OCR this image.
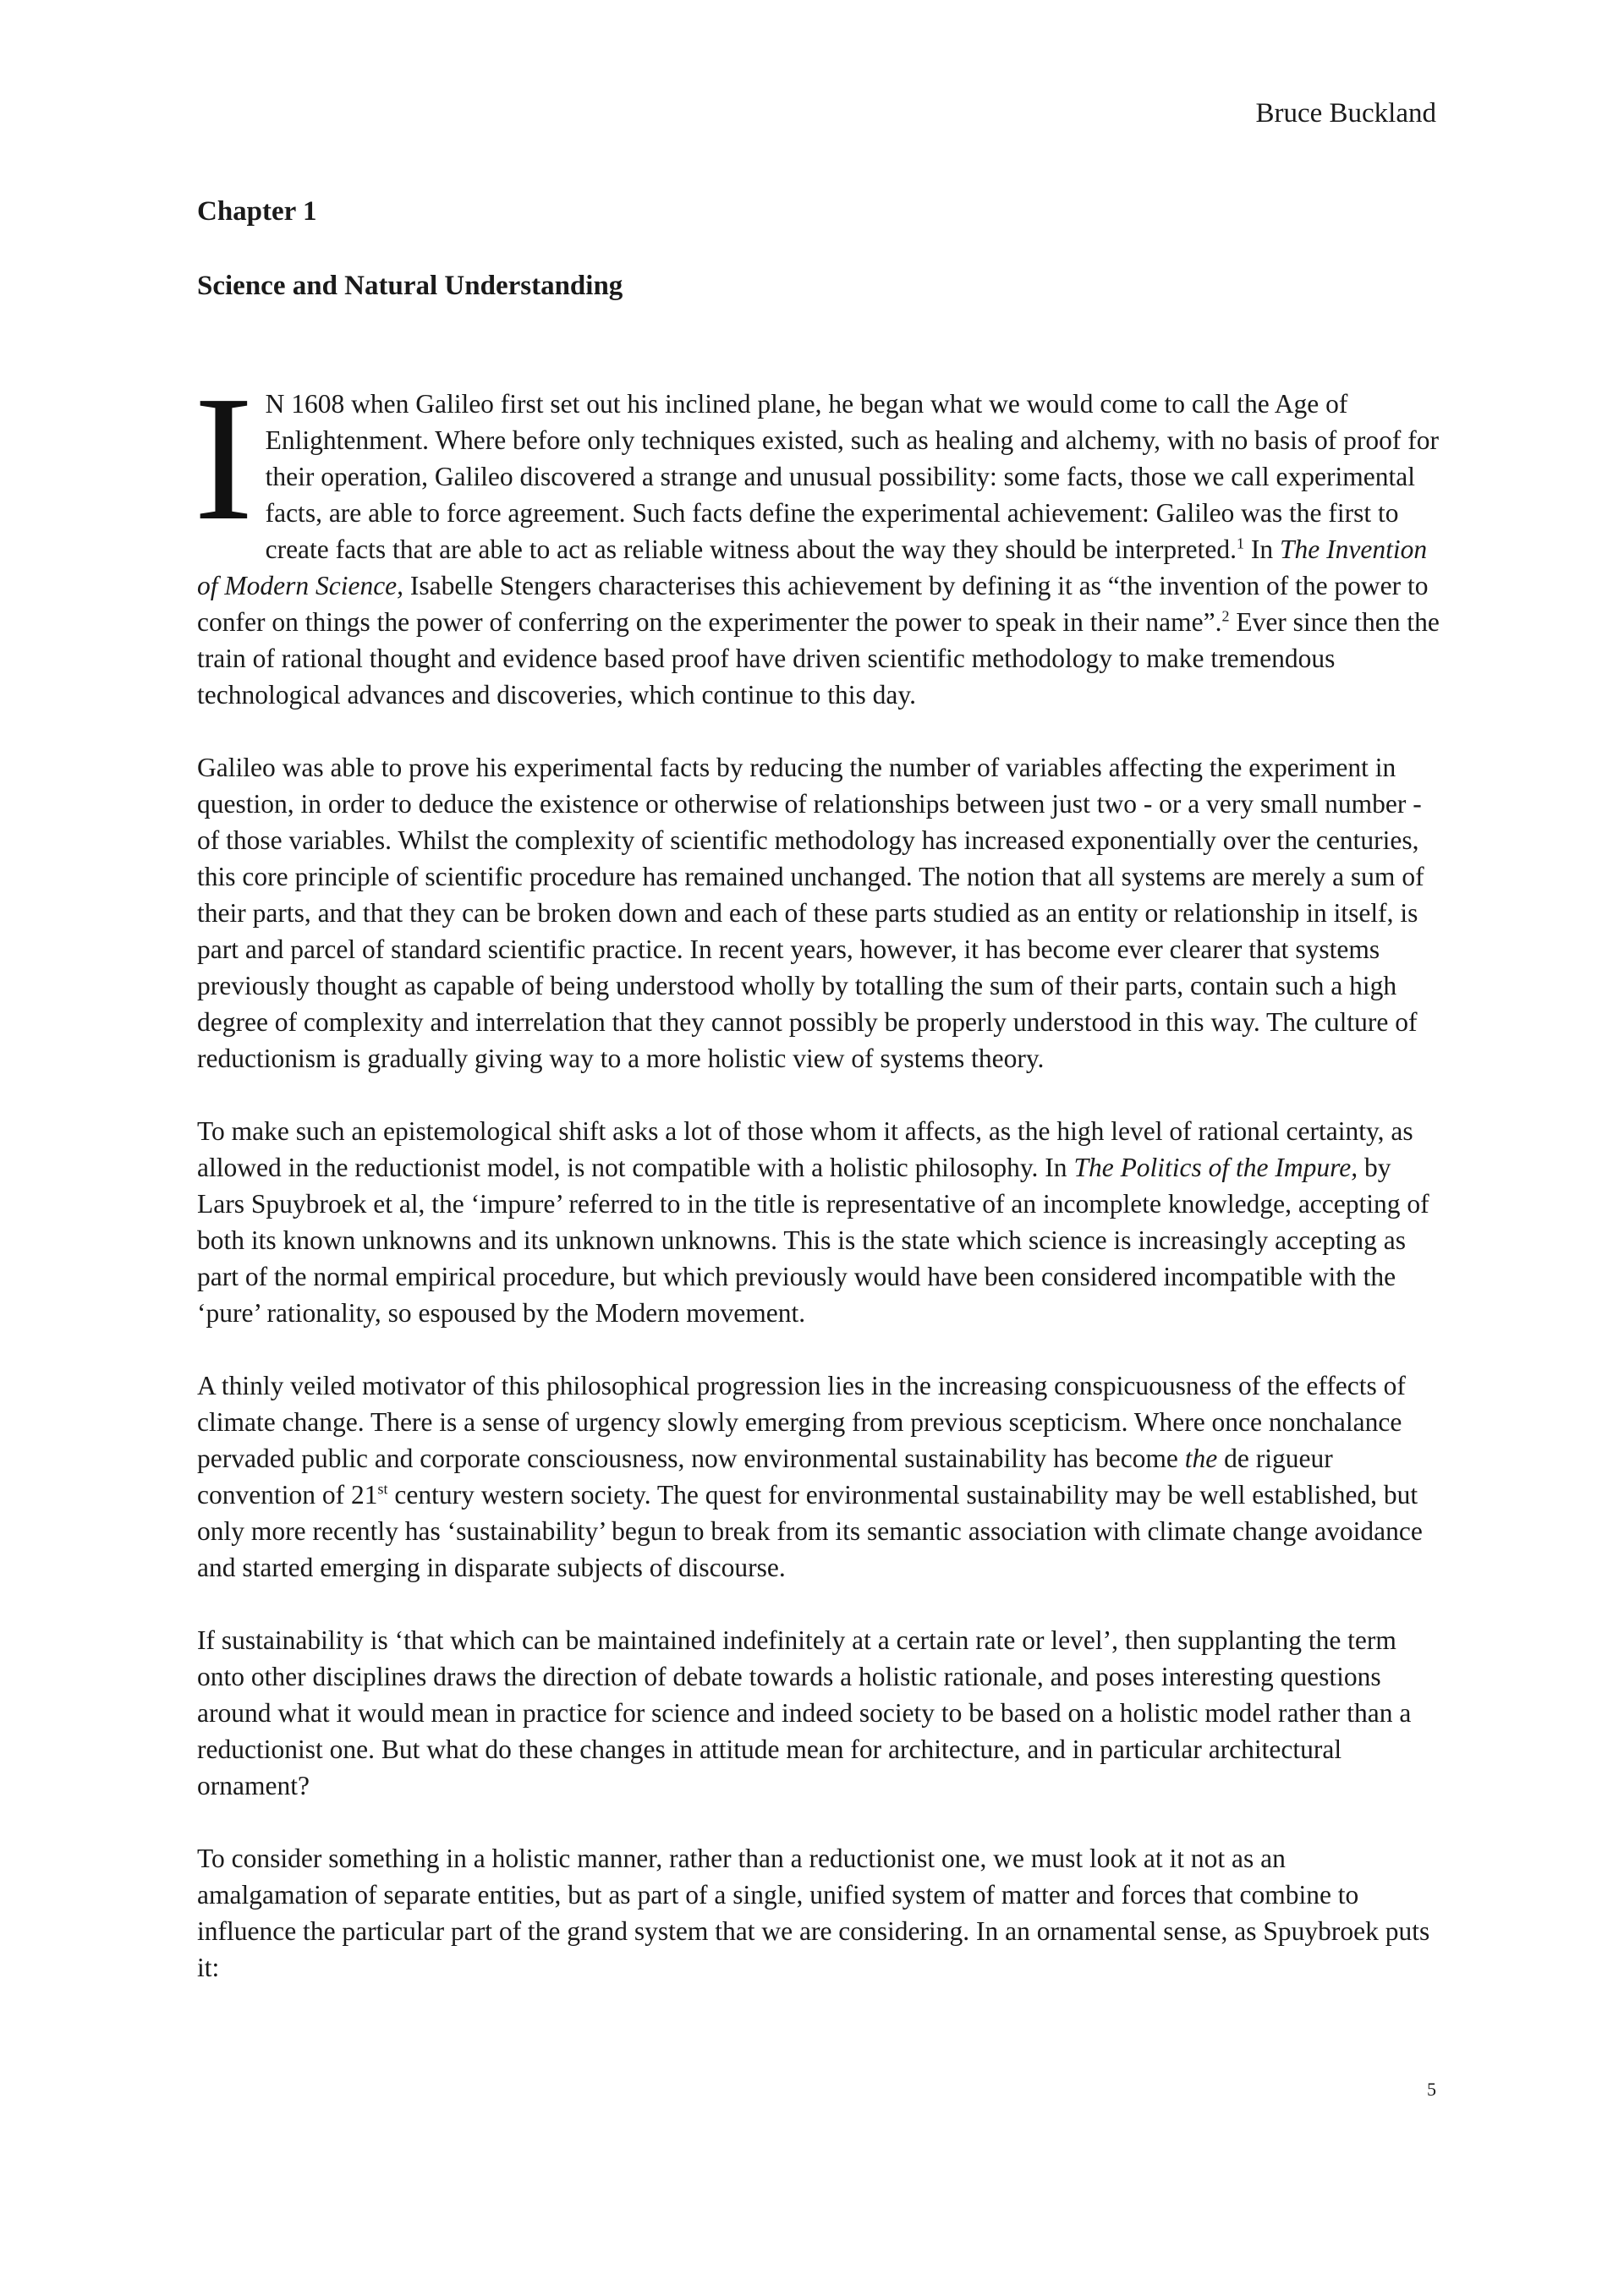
Bruce Buckland

Chapter 1

Science and Natural Understanding

I N 1608 when Galileo first set out his inclined plane, he began what we would come to call the Age of Enlightenment. Where before only techniques existed, such as healing and alchemy, with no basis of proof for their operation, Galileo discovered a strange and unusual possibility: some facts, those we call experimental facts, are able to force agreement. Such facts define the experimental achievement: Galileo was the first to create facts that are able to act as reliable witness about the way they should be interpreted.$^1$ In The Invention of Modern Science, Isabelle Stengers characterises this achievement by defining it as “the invention of the power to confer on things the power of conferring on the experimenter the power to speak in their name”.$^2$ Ever since then the train of rational thought and evidence based proof have driven scientific methodology to make tremendous technological advances and discoveries, which continue to this day.

Galileo was able to prove his experimental facts by reducing the number of variables affecting the experiment in question, in order to deduce the existence or otherwise of relationships between just two - or a very small number - of those variables. Whilst the complexity of scientific methodology has increased exponentially over the centuries, this core principle of scientific procedure has remained unchanged. The notion that all systems are merely a sum of their parts, and that they can be broken down and each of these parts studied as an entity or relationship in itself, is part and parcel of standard scientific practice. In recent years, however, it has become ever clearer that systems previously thought as capable of being understood wholly by totalling the sum of their parts, contain such a high degree of complexity and interrelation that they cannot possibly be properly understood in this way. The culture of reductionism is gradually giving way to a more holistic view of systems theory.

To make such an epistemological shift asks a lot of those whom it affects, as the high level of rational certainty, as allowed in the reductionist model, is not compatible with a holistic philosophy. In The Politics of the Impure, by Lars Spuybroek et al, the ‘impure’ referred to in the title is representative of an incomplete knowledge, accepting of both its known unknowns and its unknown unknowns. This is the state which science is increasingly accepting as part of the normal empirical procedure, but which previously would have been considered incompatible with the ‘pure’ rationality, so espoused by the Modern movement.

A thinly veiled motivator of this philosophical progression lies in the increasing conspicuousness of the effects of climate change. There is a sense of urgency slowly emerging from previous scepticism. Where once nonchalance pervaded public and corporate consciousness, now environmental sustainability has become the de rigueur convention of 21st century western society. The quest for environmental sustainability may be well established, but only more recently has ‘sustainability’ begun to break from its semantic association with climate change avoidance and started emerging in disparate subjects of discourse.

If sustainability is ‘that which can be maintained indefinitely at a certain rate or level’, then supplanting the term onto other disciplines draws the direction of debate towards a holistic rationale, and poses interesting questions around what it would mean in practice for science and indeed society to be based on a holistic model rather than a reductionist one. But what do these changes in attitude mean for architecture, and in particular architectural ornament?

To consider something in a holistic manner, rather than a reductionist one, we must look at it not as an amalgamation of separate entities, but as part of a single, unified system of matter and forces that combine to influence the particular part of the grand system that we are considering. In an ornamental sense, as Spuybroek puts it:

5
